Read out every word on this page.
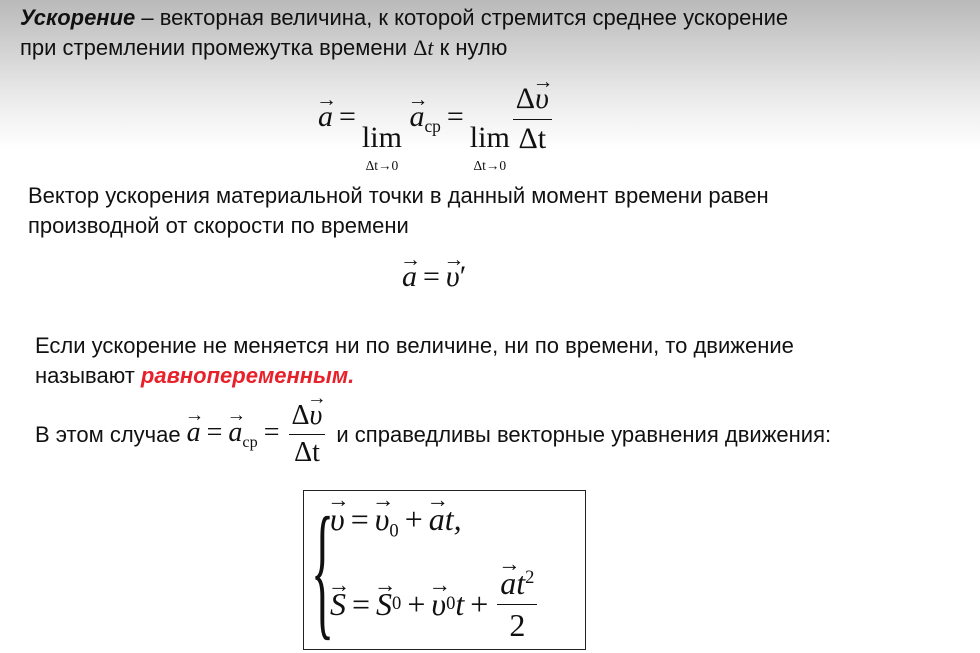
Ускорение – векторная величина, к которой стремится среднее ускорение
при стремлении промежутка времени Δt к нулю
→ a =
lim
Δt→0
→ $a_{ср}$ =
lim
Δt→0
$\frac{\Delta\to \upsilon}{\Delta t}$
Вектор ускорения материальной точки в данный момент времени равен
производной от скорости по времени
→ a =→ υ′
Если ускорение не меняется ни по величине, ни по времени, то движение
называют равнопеременным.
В этом случае
→ $a =\to a_{ср} = \frac{\Delta\to \upsilon}{\Delta t}$ и справедливы векторные уравнения движения:
{
→ $\upsilon =\to \upsilon_0$ +→ at,
→ S =
→ S 0 +
→ υ 0 t +
→ $\frac{at^2}{2}$
